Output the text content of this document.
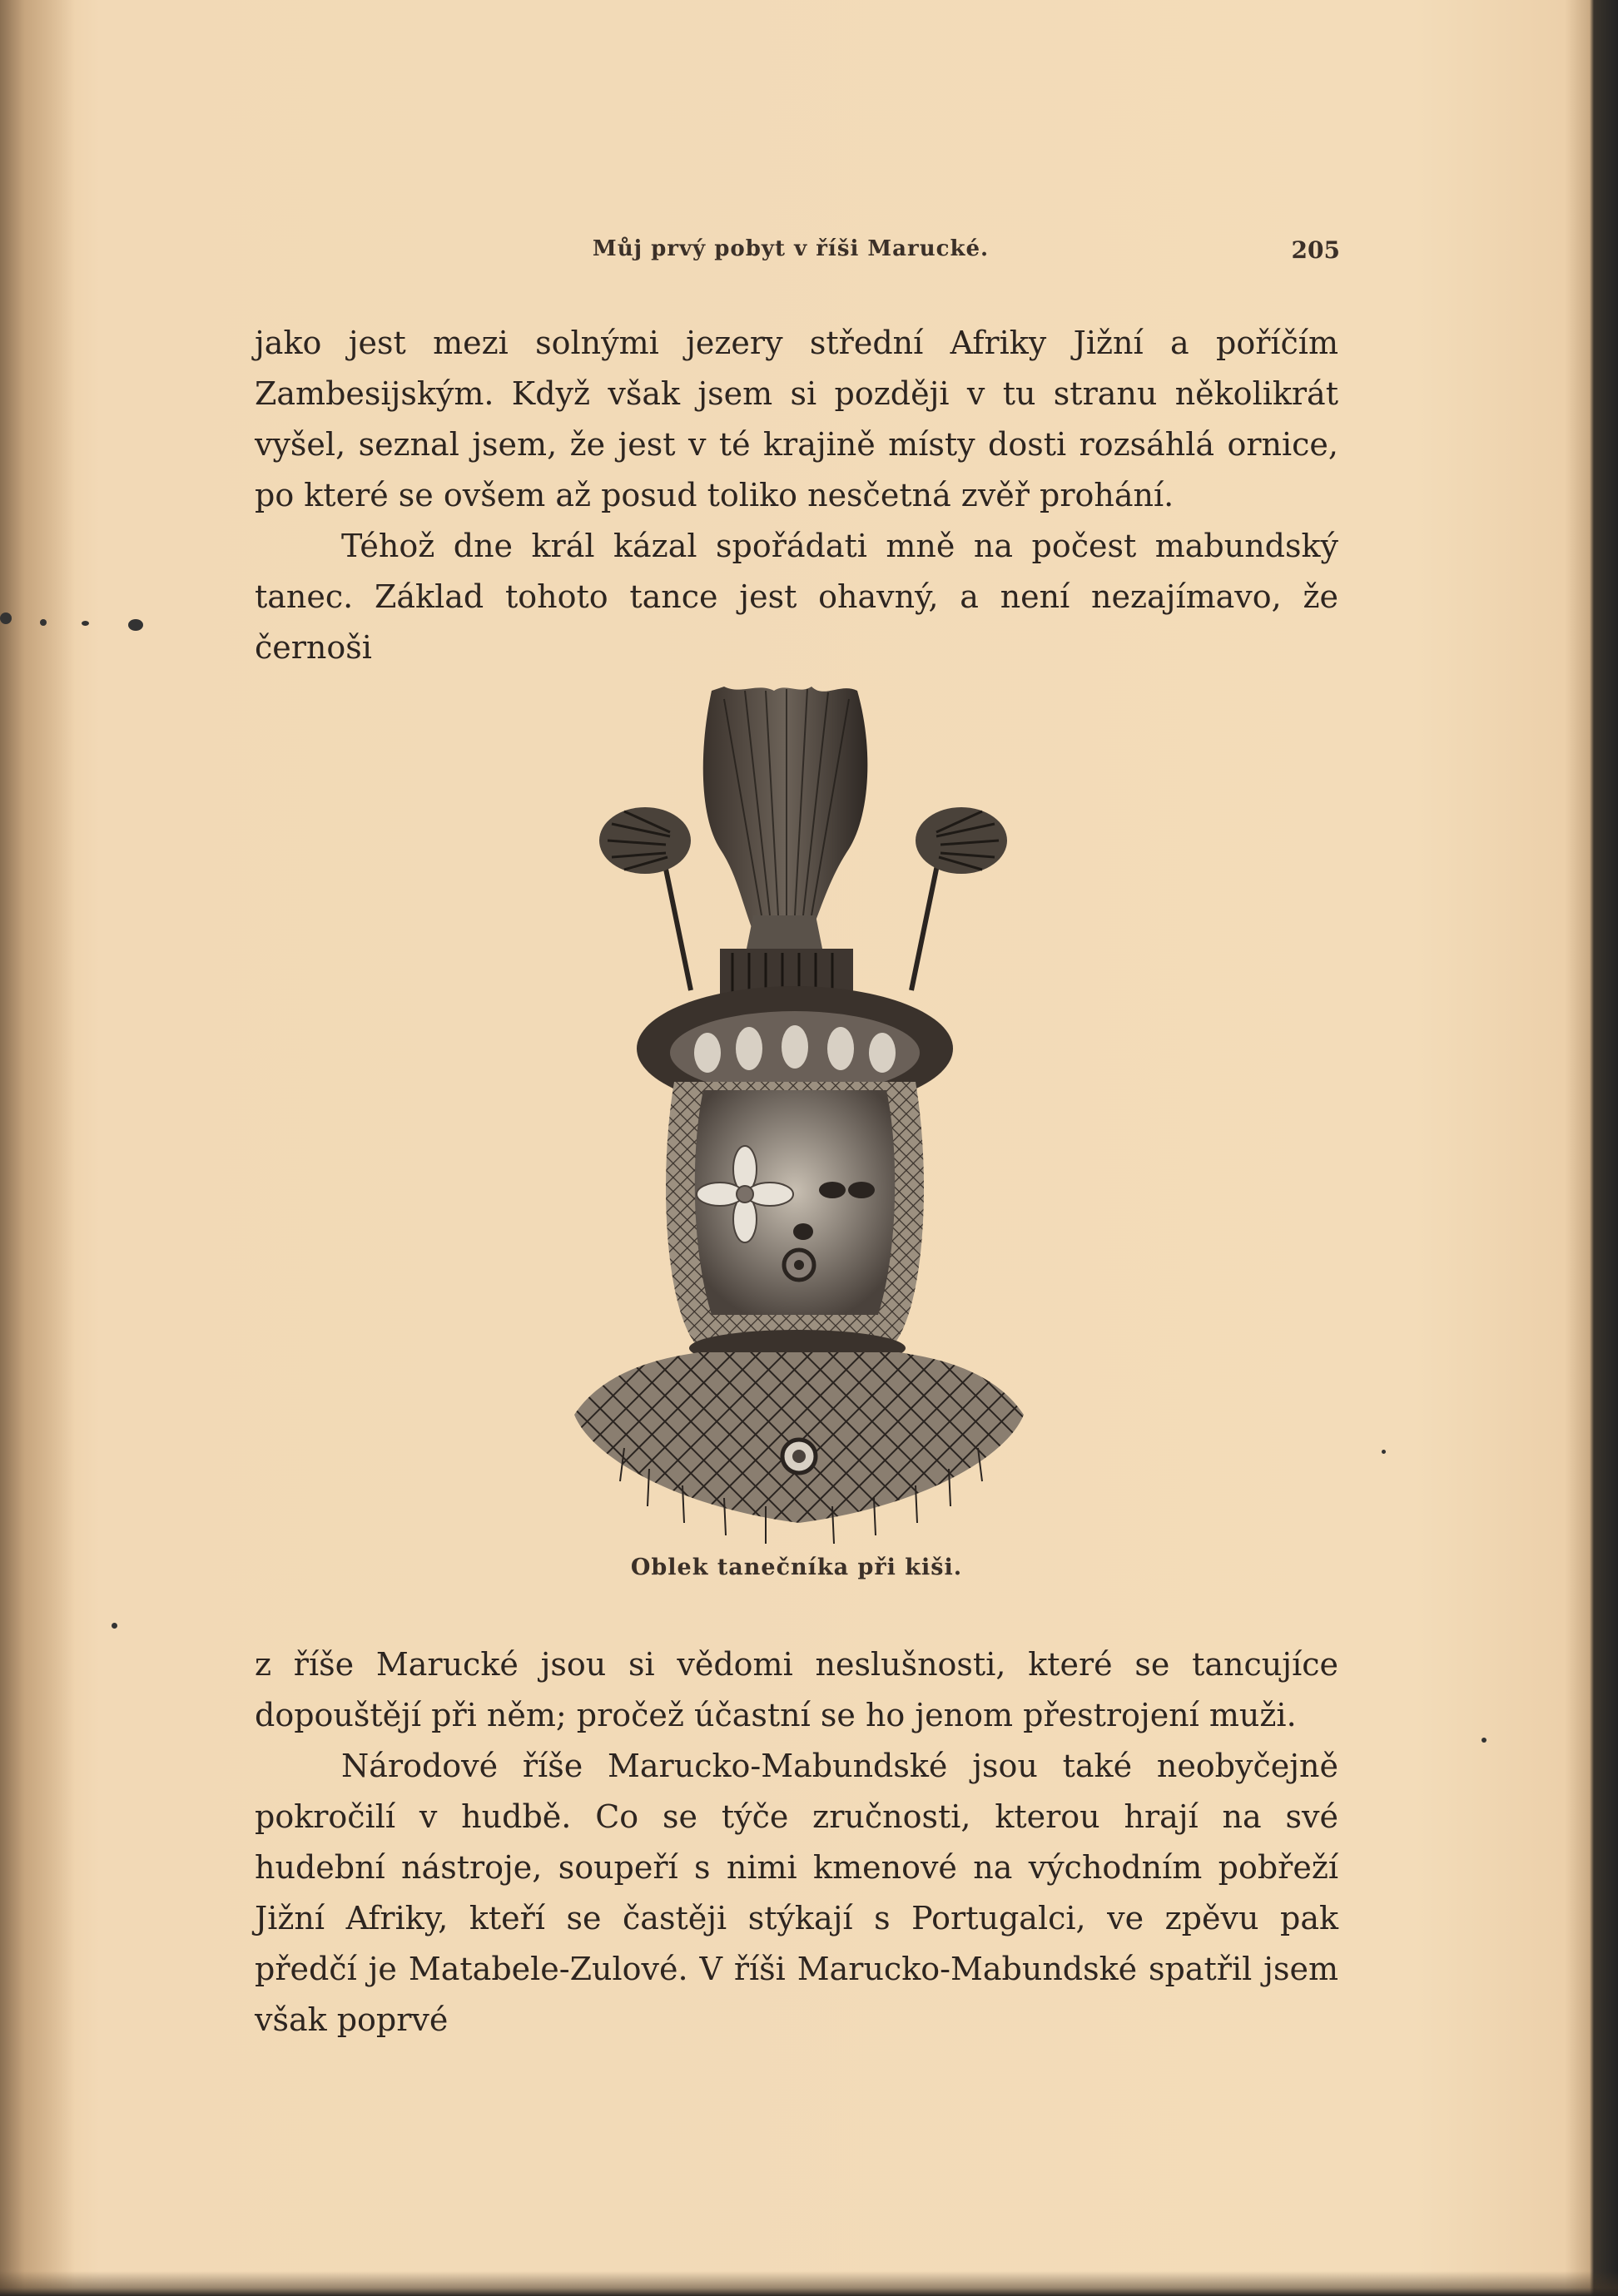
Můj prvý pobyt v říši Marucké.	205

jako jest mezi solnými jezery střední Afriky Jižní a poříčím Zambesijským. Když však jsem si později v tu stranu několikrát vyšel, seznal jsem, že jest v té krajině místy dosti rozsáhlá ornice, po které se ovšem až posud toliko nesčetná zvěř prohání.

Téhož dne král kázal spořádati mně na počest mabundský tanec. Základ tohoto tance jest ohavný, a není nezajímavo, že černoši

Oblek tanečníka při kiši.

z říše Marucké jsou si vědomi neslušnosti, které se tancujíce dopouštějí při něm; pročež účastní se ho jenom přestrojení muži.

Národové říše Marucko-Mabundské jsou také neobyčejně pokročilí v hudbě. Co se týče zručnosti, kterou hrají na své hudební nástroje, soupeří s nimi kmenové na východním pobřeží Jižní Afriky, kteří se častěji stýkají s Portugalci, ve zpěvu pak předčí je Matabele-Zulové. V říši Marucko-Mabundské spatřil jsem však poprvé
